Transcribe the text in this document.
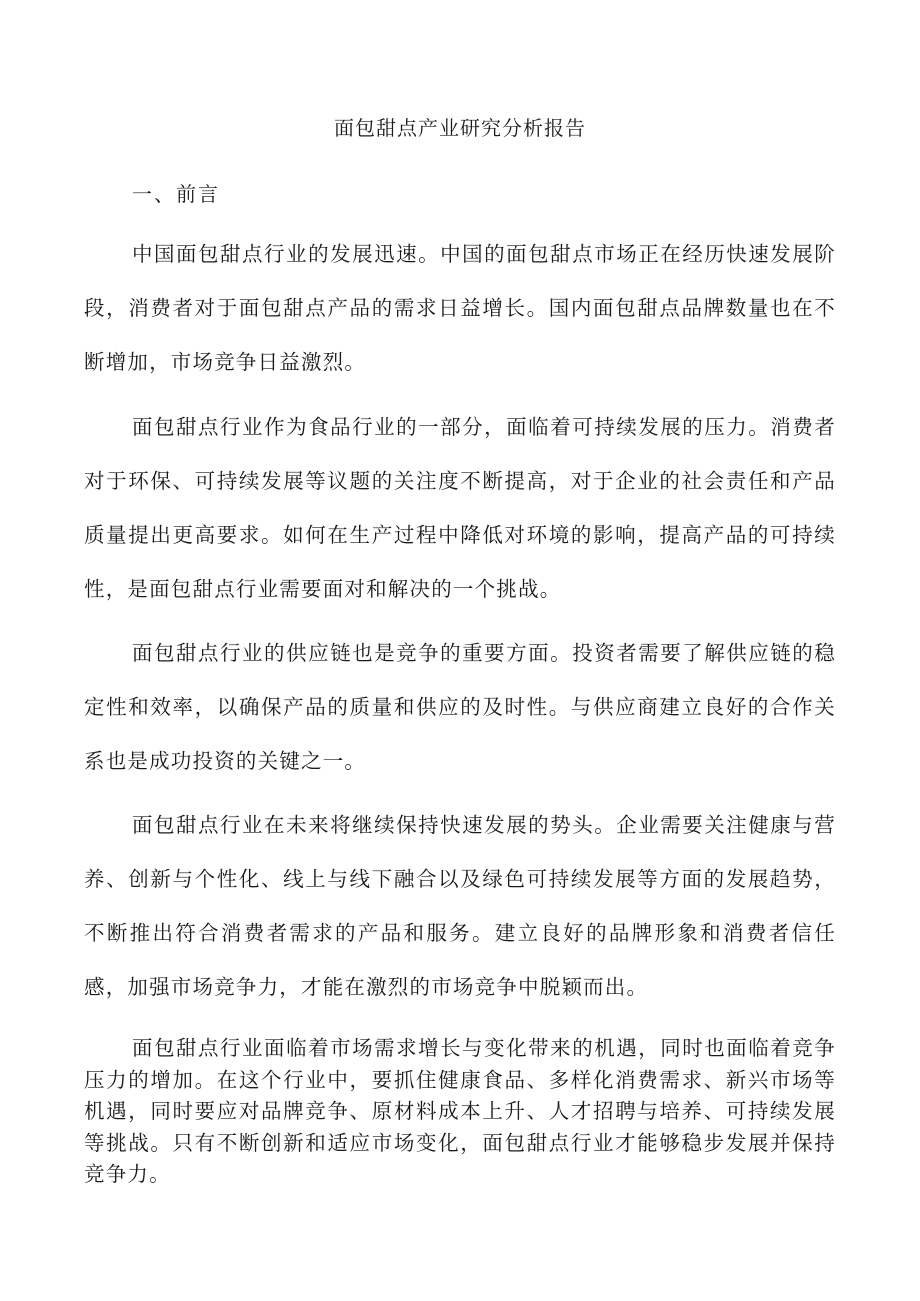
面包甜点产业研究分析报告
一、前言

中国面包甜点行业的发展迅速。中国的面包甜点市场正在经历快速发展阶段，消费者对于面包甜点产品的需求日益增长。国内面包甜点品牌数量也在不断增加，市场竞争日益激烈。

面包甜点行业作为食品行业的一部分，面临着可持续发展的压力。消费者对于环保、可持续发展等议题的关注度不断提高，对于企业的社会责任和产品质量提出更高要求。如何在生产过程中降低对环境的影响，提高产品的可持续性，是面包甜点行业需要面对和解决的一个挑战。

面包甜点行业的供应链也是竞争的重要方面。投资者需要了解供应链的稳定性和效率，以确保产品的质量和供应的及时性。与供应商建立良好的合作关系也是成功投资的关键之一。

面包甜点行业在未来将继续保持快速发展的势头。企业需要关注健康与营养、创新与个性化、线上与线下融合以及绿色可持续发展等方面的发展趋势，不断推出符合消费者需求的产品和服务。建立良好的品牌形象和消费者信任感，加强市场竞争力，才能在激烈的市场竞争中脱颖而出。

面包甜点行业面临着市场需求增长与变化带来的机遇，同时也面临着竞争压力的增加。在这个行业中，要抓住健康食品、多样化消费需求、新兴市场等机遇，同时要应对品牌竞争、原材料成本上升、人才招聘与培养、可持续发展等挑战。只有不断创新和适应市场变化，面包甜点行业才能够稳步发展并保持竞争力。
